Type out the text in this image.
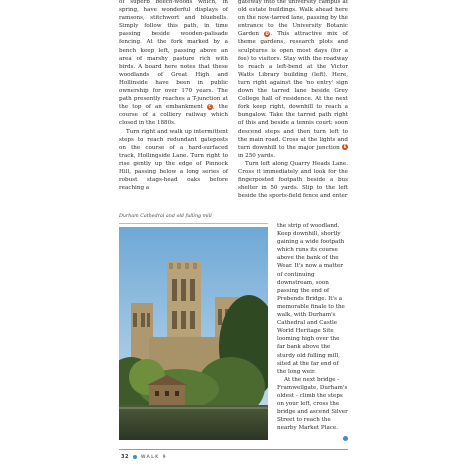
of superb beech-woods which, in spring, have wonderful displays of ramsons, stitchwort and bluebells. Simply follow this path, in time passing beside wooden-palisade fencing. At the fork marked by a bench keep left, passing above an area of marshy pasture rich with birds. A board here notes that these woodlands of Great High and Hollinside have been in public ownership for over 170 years. The path presently reaches a T-junction at the top of an embankment C , the course of a colliery railway which closed in the 1880s.

Turn right and walk up intermittent steps to reach redundant gateposts on the course of a hard-surfaced track, Hollingside Lane. Turn right to rise gently up the edge of Pinnock Hill, passing below a long series of robust stags-head oaks before reaching a

Durham Cathedral and old fulling mill

gateway into the university campus at old estate buildings. Walk ahead here on the now-tarred lane, passing by the entrance to the University Botanic Garden D. This attractive mix of theme gardens, research plots and sculptures is open most days (for a fee) to visitors. Stay with the roadway to reach a left-bend at the Victor Watts Library building (left). Here, turn right against the 'no entry' sign down the tarred lane beside Grey College hall of residence. At the next fork keep right, downhill to reach a bungalow. Take the tarred path right of this and beside a tennis court; soon descend steps and then turn left to the main road. Cross at the lights and turn downhill to the major junction E in 250 yards.

Turn left along Quarry Heads Lane. Cross it immediately and look for the fingerposted footpath beside a bus shelter in 50 yards. Slip to the left beside the sports-field fence and enter

the strip of woodland. Keep downhill, shortly gaining a wide footpath which runs its course above the bank of the Wear. It's now a matter of continuing downstream, soon passing the end of Prebends Bridge. It's a memorable finale to the walk, with Durham's Cathedral and Castle World Heritage Site looming high over the far bank above the sturdy old fulling mill, sited at the far end of the long weir.

At the next bridge - Framwellgate, Durham's oldest - climb the steps on your left, cross the bridge and ascend Silver Street to reach the nearby Market Place.

32	WALK 9
